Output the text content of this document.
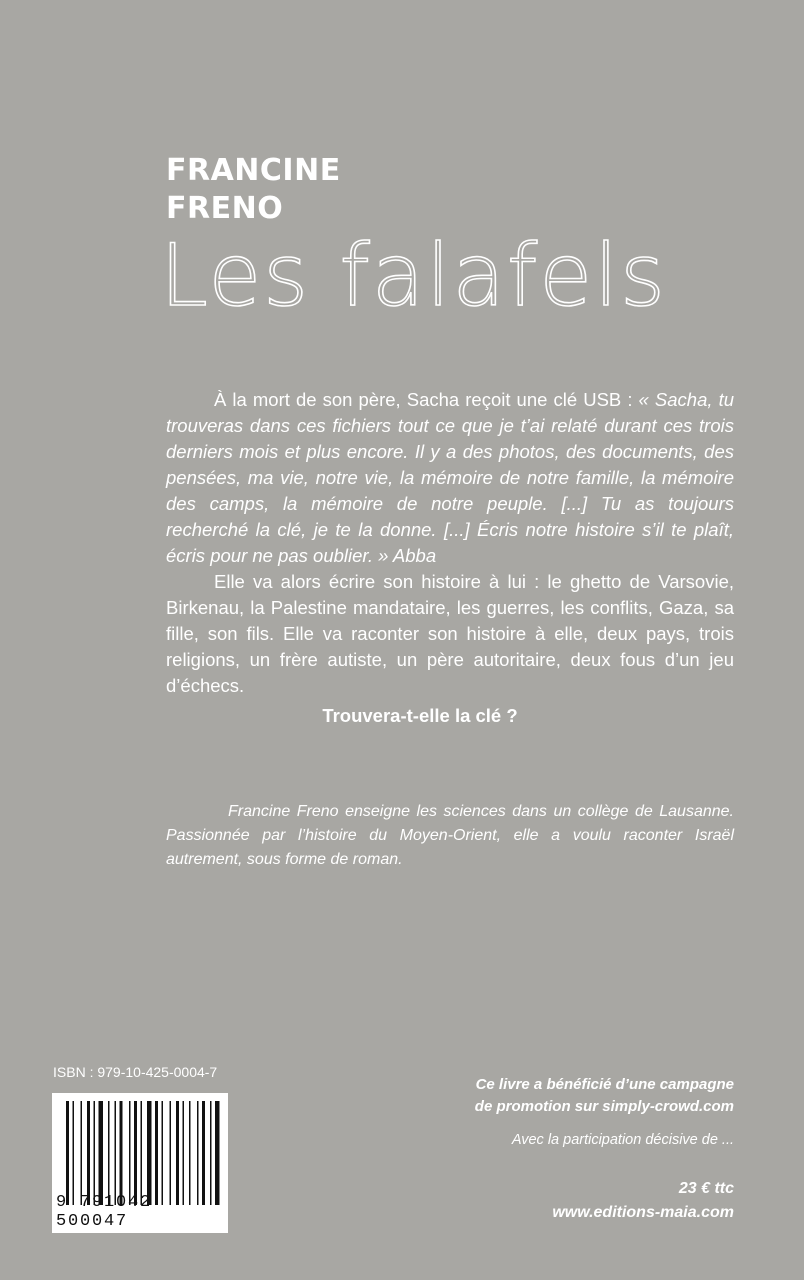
FRANCINE
FRENO
Les falafels

À la mort de son père, Sacha reçoit une clé USB : « Sacha, tu trouveras dans ces fichiers tout ce que je t’ai relaté durant ces trois derniers mois et plus encore. Il y a des photos, des documents, des pensées, ma vie, notre vie, la mémoire de notre famille, la mémoire des camps, la mémoire de notre peuple. [...] Tu as toujours recherché la clé, je te la donne. [...] Écris notre histoire s’il te plaît, écris pour ne pas oublier. » Abba

Elle va alors écrire son histoire à lui : le ghetto de Varsovie, Birkenau, la Palestine mandataire, les guerres, les conflits, Gaza, sa fille, son fils. Elle va raconter son histoire à elle, deux pays, trois religions, un frère autiste, un père autoritaire, deux fous d’un jeu d’échecs.

Trouvera-t-elle la clé ?

Francine Freno enseigne les sciences dans un collège de Lausanne. Passionnée par l’histoire du Moyen-Orient, elle a voulu raconter Israël autrement, sous forme de roman.
ISBN : 979-10-425-0004-7
9 791042 500047
Ce livre a bénéficié d’une campagne
de promotion sur simply-crowd.com
Avec la participation décisive de ...
23 € ttc
www.editions-maia.com
